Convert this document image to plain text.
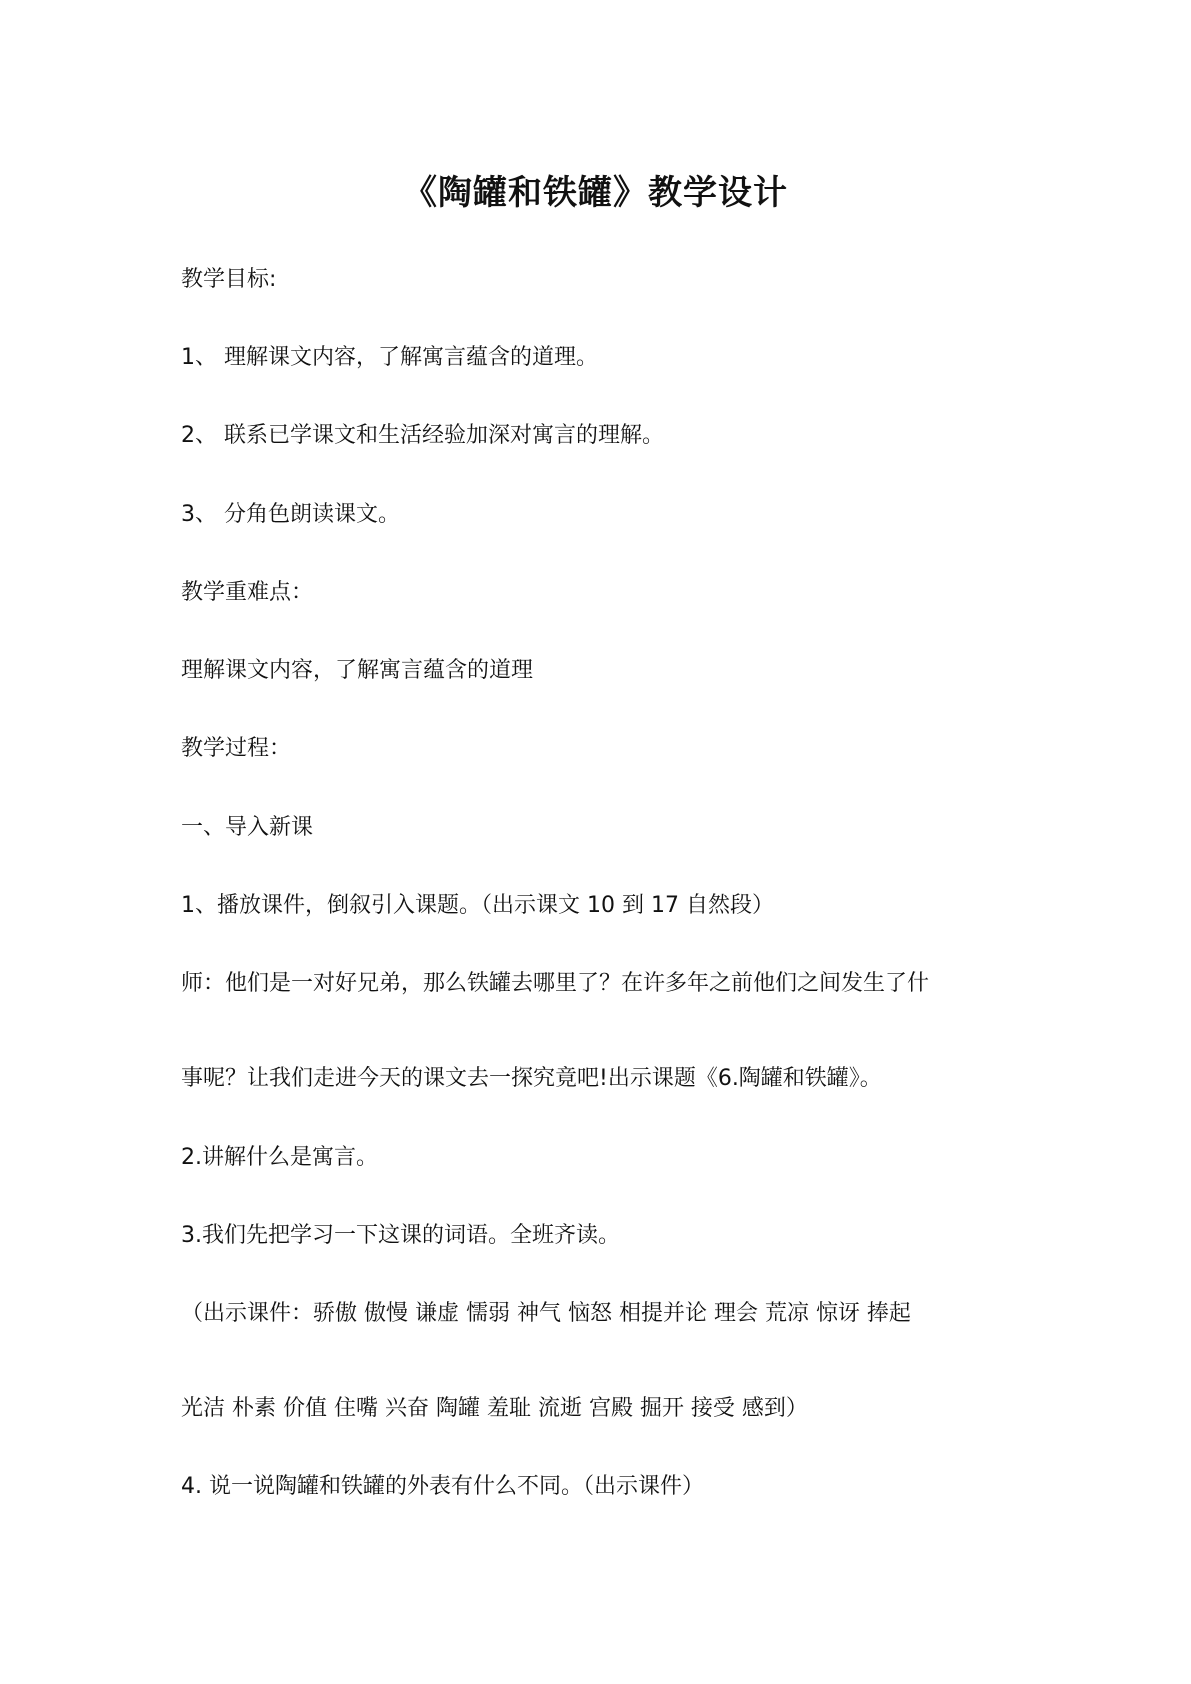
《陶罐和铁罐》教学设计
教学目标:
1、 理解课文内容，了解寓言蕴含的道理。
2、 联系已学课文和生活经验加深对寓言的理解。
3、 分角色朗读课文。
教学重难点：
理解课文内容，了解寓言蕴含的道理
教学过程：
一、导入新课
1、播放课件，倒叙引入课题。（出示课文 10 到 17 自然段）
师：他们是一对好兄弟，那么铁罐去哪里了？在许多年之前他们之间发生了什
事呢？让我们走进今天的课文去一探究竟吧!出示课题《6.陶罐和铁罐》。
2.讲解什么是寓言。
3.我们先把学习一下这课的词语。全班齐读。
（出示课件：骄傲 傲慢 谦虚 懦弱 神气 恼怒 相提并论 理会 荒凉 惊讶 捧起
光洁 朴素 价值 住嘴 兴奋 陶罐 羞耻 流逝 宫殿 掘开 接受 感到）
4. 说一说陶罐和铁罐的外表有什么不同。（出示课件）
